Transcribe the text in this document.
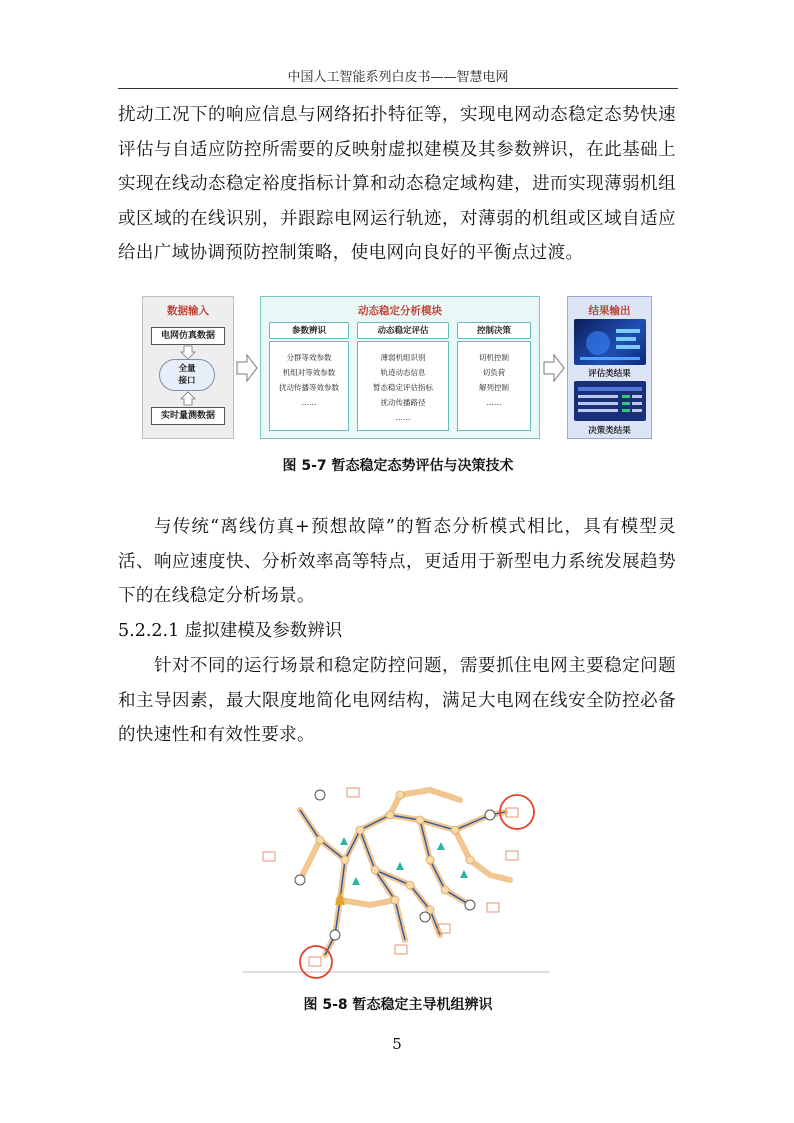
中国人工智能系列白皮书——智慧电网

扰动工况下的响应信息与网络拓扑特征等，实现电网动态稳定态势快速评估与自适应防控所需要的反映射虚拟建模及其参数辨识，在此基础上实现在线动态稳定裕度指标计算和动态稳定域构建，进而实现薄弱机组或区域的在线识别，并跟踪电网运行轨迹，对薄弱的机组或区域自适应给出广域协调预防控制策略，使电网向良好的平衡点过渡。

数据输入
电网仿真数据
实时量测数据
全量
接口
动态稳定分析模块
参数辨识
分群等效参数
机组对等效参数
扰动传播等效参数
……
动态稳定评估
薄弱机组识别
轨迹动态信息
暂态稳定评估指标
扰动传播路径
……
控制决策
切机控制
切负荷
解列控制
……
结果输出
评估类结果
决策类结果
图 5-7 暂态稳定态势评估与决策技术

与传统“离线仿真+预想故障”的暂态分析模式相比，具有模型灵活、响应速度快、分析效率高等特点，更适用于新型电力系统发展趋势下的在线稳定分析场景。

5.2.2.1 虚拟建模及参数辨识

针对不同的运行场景和稳定防控问题，需要抓住电网主要稳定问题和主导因素，最大限度地简化电网结构，满足大电网在线安全防控必备的快速性和有效性要求。

图 5-8 暂态稳定主导机组辨识
5
